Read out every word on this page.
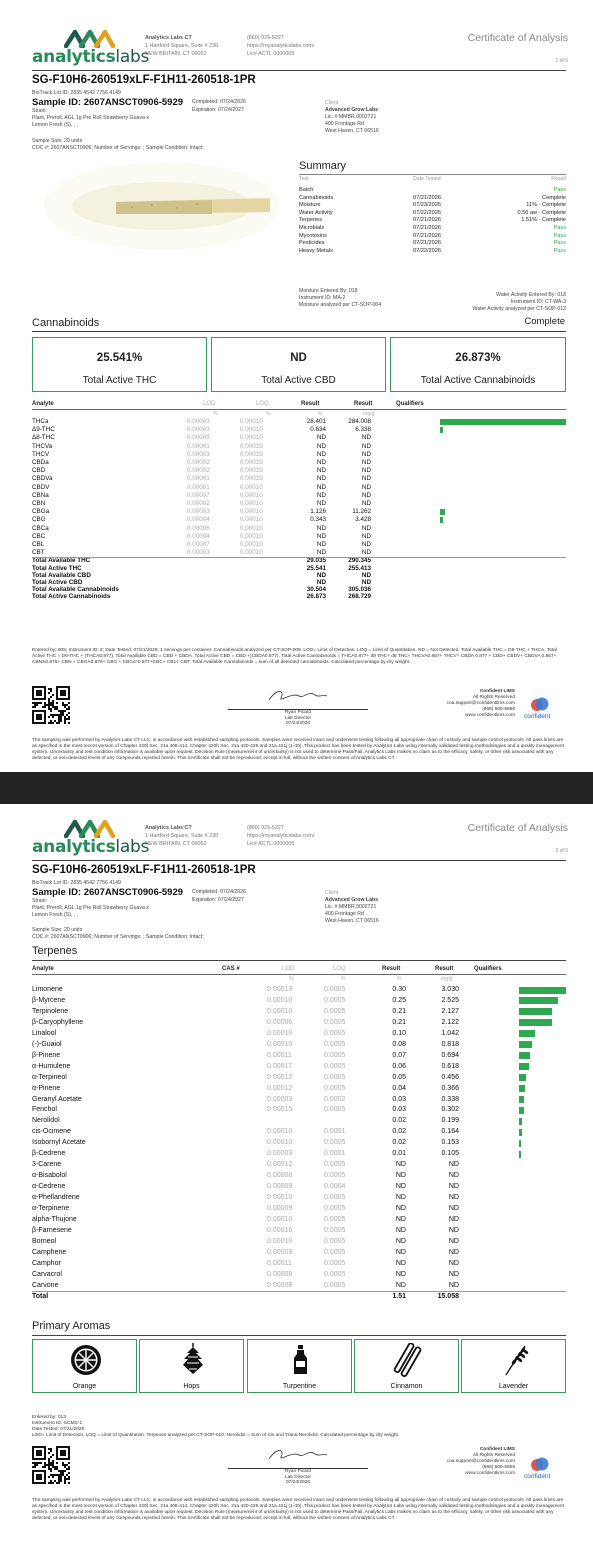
analyticslabs
Analytics Labs CT
1 Hartford Square, Suite # 230
NEW BRITAIN, CT 06052
(860) 925-5227
https://myanalyticslabs.com/
Lic# ACTL.0000005
Certificate of Analysis
1 of 5
SG-F10H6-260519xLF-F1H11-260518-1PR
BioTrack Lot ID: 2835 4542 7756 4149
Sample ID: 2607ANSCT0906-5929 Completed: 07/24/2026
Expiration: 07/24/2027
Strain:
Plant, Preroll, AGL 1g Pre Roll Strawberry Guava x
Lemon Fresh (S), , ,
Client
Advanced Grow Labs
Lic. # MMBR.0002721
400 Frontage Rd
West Haven, CT 06516
Sample Size: 20 units
COC #: 2607ANSCT0906; Number of Servings: ; Sample Condition: Intact;
Summary
Test	Date Tested	Result
Batch	Pass
Cannabinoids	07/21/2026	Complete
Moisture	07/23/2026	11% - Complete
Water Activity	07/22/2026	0.50 aw - Complete
Terpenes	07/21/2026	1.51% - Complete
Microbials	07/21/2026	Pass
Mycotoxins	07/21/2026	Pass
Pesticides	07/21/2026	Pass
Heavy Metals	07/22/2026	Pass
Moisture Entered By: 018
Instrument ID: MA-2
Moisture analyzed per CT-SOP-004
Water Activity Entered By: 018
Instrument ID: CT-WA-3
Water Activity analyzed per CT-SOP-012
Cannabinoids	Complete
25.541%
Total Active THC
ND
Total Active CBD
26.873%
Total Active Cannabinoids
Analyte	LOD	LOQ	Result	Result	Qualifiers
%	%	%	mg/g
THCa	0.00003	0.00010	28.401	284.008
Δ9-THC	0.00003	0.00010	0.634	6.338
Δ8-THC	0.00005	0.00010	ND	ND
THCVa	0.00001	0.00010	ND	ND
THCV	0.00003	0.00010	ND	ND
CBDa	0.00002	0.00010	ND	ND
CBD	0.00002	0.00010	ND	ND
CBDVa	0.00001	0.00010	ND	ND
CBDV	0.00001	0.00010	ND	ND
CBNa	0.00007	0.00010	ND	ND
CBN	0.00002	0.00010	ND	ND
CBGa	0.00003	0.00010	1.126	11.262
CBG	0.00004	0.00010	0.343	3.428
CBCa	0.00006	0.00010	ND	ND
CBC	0.00004	0.00010	ND	ND
CBL	0.00007	0.00010	ND	ND
CBT	0.00003	0.00010	ND	ND
Total Available THC	29.035	290.345
Total Active THC	25.541	255.413
Total Available CBD	ND	ND
Total Active CBD	ND	ND
Total Available Cannabinoids	30.504	305.036
Total Active Cannabinoids	26.873	268.729
Entered by: 005; Instrument ID: 2; Date Tested: 07/21/2026; 1 servings per container. Cannabinoids analyzed per CT-SOP-009. LOD= Limit of Detection, LOQ = Limit of Quantitation, ND = Not Detected. Total Available THC = D9-THC + THCA. Total Active THC = D9-THC + (THCA0.877). Total Available CBD = CBD + CBDA. Total Active CBD = CBD +(CBDA0.877). Total Active Cannabinoids = THCA0.877+ d9 THC+ d8 THC+ THCVA0.867+ THCV+ CBDA 0.877 + CBD+ CBDV+ CBDVA 0.867+ CBNA0.876+ CBN + CBGA0.878+ CBG + CBCA*0.877+CBC+ CBL+ CBT. Total Available Cannabinoids = sum of all detected cannabinoids. Calculated percentage by dry weight.
Ryan Picard
Lab Director
07/24/2026
Confident LIMS
All Rights Reserved
coa.support@confidentlims.com
(866) 506-5866
www.confidentlims.com confident
The sampling was performed by Analytics Labs CT LLC, in accordance with established sampling protocols. Samples were received intact and underwent testing following all appropriate chain of custody and sample control protocols. All pass limits are as specified in the most recent version of Chapter 420f Sec. 21a 408-414, Chapter 420h Sec. 21a 420-429 and 21a 421j (1-40). This product has been tested by Analytics Labs using internally validated testing methodologies and a quality management system. Uncertainty and test condition information is available upon request. Decision Rule (measurement of uncertainty) is not used to determine Pass/Fail. Analytics Labs makes no claim as to the efficacy, safety, or other risk associated with any detected, or non-detected levels of any compounds reported herein. This Certificate shall not be reproduced, except in full, without the written consent of Analytics Labs CT.
analyticslabs
Analytics Labs CT
1 Hartford Square, Suite # 230
NEW BRITAIN, CT 06052
(860) 925-5227
https://myanalyticslabs.com/
Lic# ACTL.0000005
Certificate of Analysis
2 of 5
SG-F10H6-260519xLF-F1H11-260518-1PR
BioTrack Lot ID: 2835 4542 7756 4149
Sample ID: 2607ANSCT0906-5929 Completed: 07/24/2026
Expiration: 07/24/2027
Strain:
Plant, Preroll, AGL 1g Pre Roll Strawberry Guava x
Lemon Fresh (S), , ,
Client
Advanced Grow Labs
Lic. # MMBR.0002721
400 Frontage Rd
West Haven, CT 06516
Sample Size: 20 units
COC #: 2607ANSCT0906; Number of Servings: ; Sample Condition: Intact;
Terpenes
Analyte	CAS #	LOD	LOQ	Result	Result	Qualifiers
%	%	%	mg/g
Limonene	0.00013	0.0005	0.30	3.030
β-Myrcene	0.00010	0.0005	0.25	2.525
Terpinolene	0.00010	0.0005	0.21	2.127
β-Caryophyllene	0.00006	0.0005	0.21	2.122
Linalool	0.00010	0.0005	0.10	1.042
(-)-Guaiol	0.00010	0.0005	0.08	0.818
β-Pinene	0.00011	0.0005	0.07	0.694
α-Humulene	0.00017	0.0005	0.06	0.618
α-Terpineol	0.00012	0.0005	0.05	0.456
α-Pinene	0.00012	0.0005	0.04	0.366
Geranyl Acetate	0.00003	0.0002	0.03	0.338
Fenchol	0.00015	0.0005	0.03	0.302
Nerolidol	0.02	0.199
cis-Ocimene	0.00010	0.0001	0.02	0.164
Isobornyl Acetate	0.00010	0.0005	0.02	0.153
β-Cedrene	0.00003	0.0001	0.01	0.105
3-Carene	0.00012	0.0005	ND	ND
α-Bisabolol	0.00008	0.0005	ND	ND
α-Cedrene	0.00009	0.0004	ND	ND
α-Phellandrene	0.00010	0.0005	ND	ND
α-Terpinene	0.00009	0.0005	ND	ND
alpha-Thujone	0.00010	0.0005	ND	ND
β-Farnesene	0.00016	0.0005	ND	ND
Borneol	0.00010	0.0005	ND	ND
Camphene	0.00009	0.0005	ND	ND
Camphor	0.00011	0.0005	ND	ND
Carvacrol	0.00008	0.0005	ND	ND
Carvone	0.00008	0.0005	ND	ND
Total	1.51	15.058
Primary Aromas
Orange	Hops	Turpentine	Cinnamon	Lavender
Entered by: 013
Instrument ID: GCMS-1
Date Tested: 07/21/2026
LOD= Limit of Detection, LOQ = Limit of Quantitation. Terpenes analyzed per CT-SOP-010. Nerolidol = Sum of Cis and Trans-Nerolidol. Calculated percentage by dry weight.
Ryan Picard
Lab Director
07/24/2026
Confident LIMS
All Rights Reserved
coa.support@confidentlims.com
(866) 506-5866
www.confidentlims.com confident
The sampling was performed by Analytics Labs CT LLC, in accordance with established sampling protocols. Samples were received intact and underwent testing following all appropriate chain of custody and sample control protocols. All pass limits are as specified in the most recent version of Chapter 420f Sec. 21a 408-414, Chapter 420h Sec. 21a 420-429 and 21a 421j (1-40). This product has been tested by Analytics Labs using internally validated testing methodologies and a quality management system. Uncertainty and test condition information is available upon request. Decision Rule (measurement of uncertainty) is not used to determine Pass/Fail. Analytics Labs makes no claim as to the efficacy, safety, or other risk associated with any detected, or non-detected levels of any compounds reported herein. This Certificate shall not be reproduced, except in full, without the written consent of Analytics Labs CT.
